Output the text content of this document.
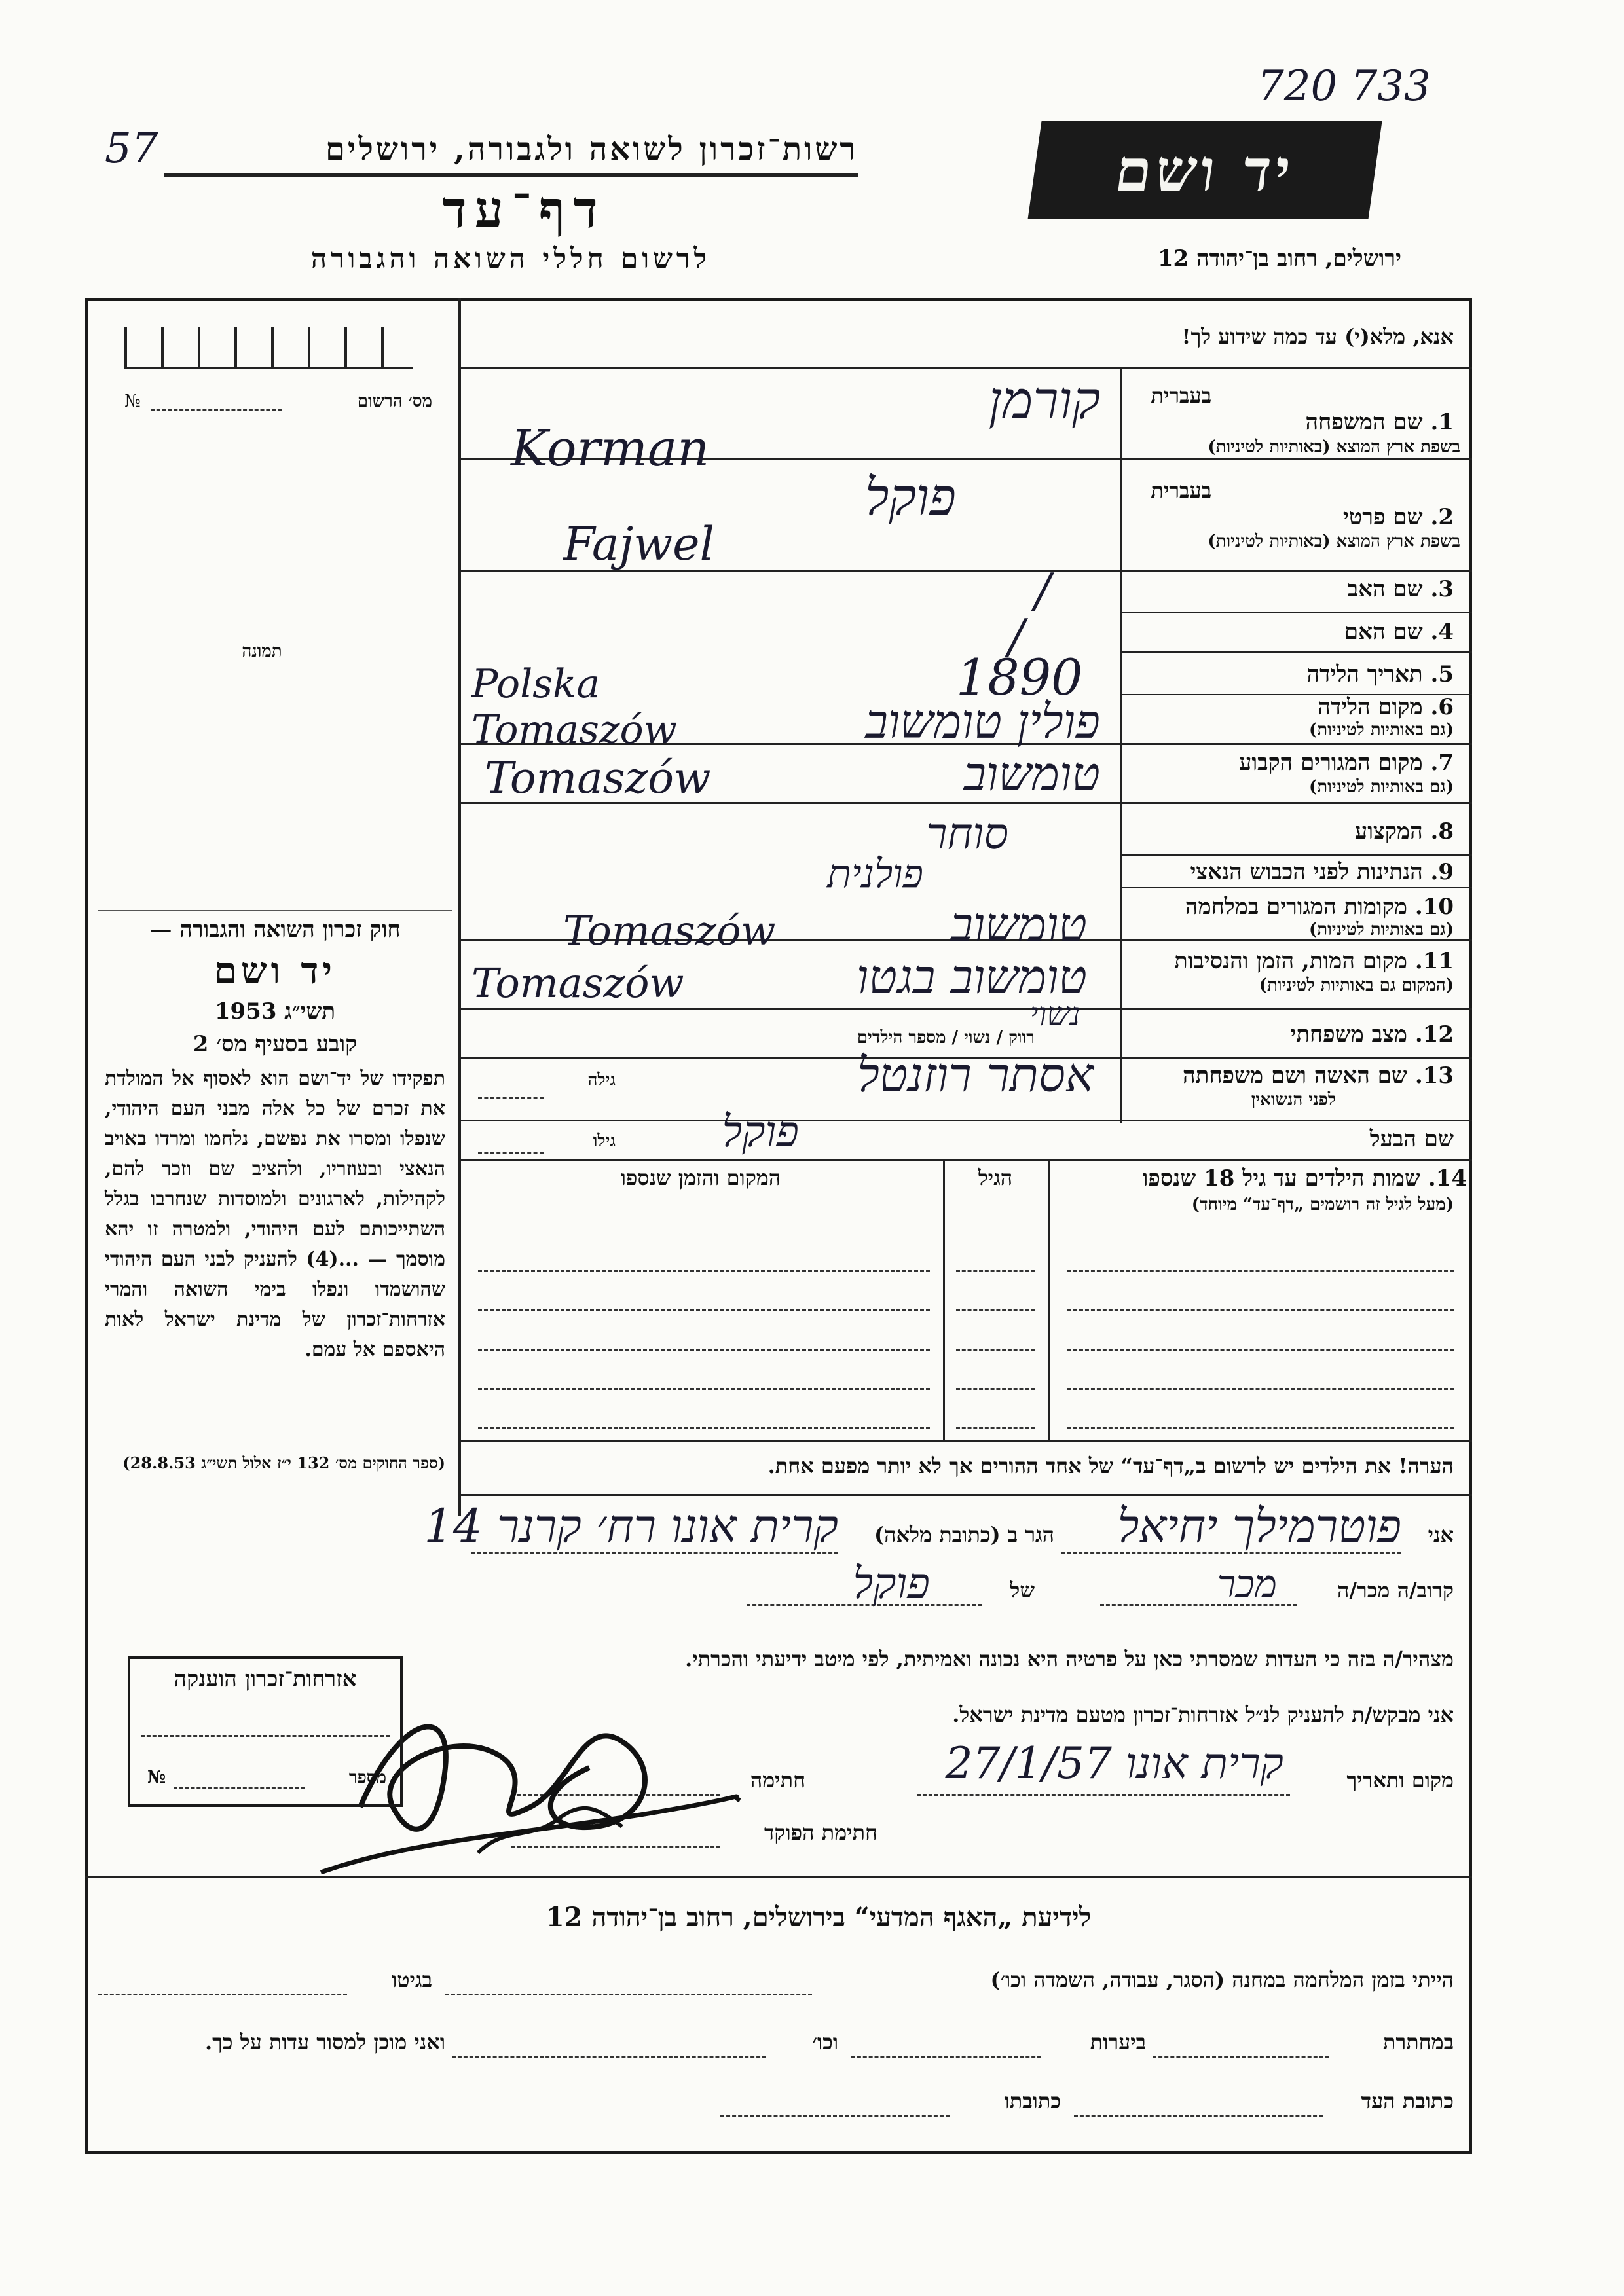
720 733
57	רשות־זכרון לשואה ולגבורה, ירושלים
דף־עד
לרשום חללי השואה והגבורה
יד ושם
ירושלים, רחוב בן־יהודה 12
אנא, מלא(י) עד כמה שידוע לך!
מס׳ הרשום
№
תמונה
בעברית
1. שם המשפחה
בשפת ארץ המוצא (באותיות לטיניות)
קורמן
Korman
בעברית
2. שם פרטי
בשפת ארץ המוצא (באותיות לטיניות)
פוקל
Fajwel
3. שם האב
/
4. שם האם
/
5. תאריך הלידה
1890
6. מקום הלידה
(גם באותיות לטיניות)
פולין טומשוב
Polska Tomaszów
7. מקום המגורים הקבוע
(גם באותיות לטיניות)
טומשוב
Tomaszów
8. המקצוע
סוחר
9. הנתינות לפני הכבוש הנאצי
פולנית
10. מקומות המגורים במלחמה
(גם באותיות לטיניות)
טומשוב
Tomaszów
11. מקום המות, הזמן והנסיבות
(המקום גם באותיות לטיניות)
טומשוב בגטו
Tomaszów
12. מצב משפחתי
רווק / נשוי / מספר הילדים
נשוי
13. שם האשה ושם משפחתה
לפני הנשואין
אסתר רוזנטל
גילה
שם הבעל
פוקל
גילו
14. שמות הילדים עד גיל 18 שנספו
(מעל לגיל זה רושמים „דף־עד“ מיוחד)
הגיל
המקום והזמן שנספו
הערה! את הילדים יש לרשום ב„דף־עד“ של אחד ההורים אך לא יותר מפעם אחת.
חוק זכרון השואה והגבורה —
יד ושם
תשי״ג 1953
קובע בסעיף מס׳ 2
תפקידו של יד־ושם הוא לאסוף אל המולדת את זכרם של כל אלה מבני העם היהודי, שנפלו ומסרו את נפשם, נלחמו ומרדו באויב הנאצי ובעוזריו, ולהציב שם וזכר להם, לקהילות, לארגונים ולמוסדות שנחרבו בגלל השתייכותם לעם היהודי, ולמטרה זו יהא מוסמך — ...(4) להעניק לבני העם היהודי שהושמדו ונפלו בימי השואה והמרי אזרחות־זכרון של מדינת ישראל לאות היאספם אל עמם.
(ספר החוקים מס׳ 132 י״ז אלול תשי״ג 28.8.53)
אני
פוטרמילך יחיאל
הגר ב (כתובת מלאה)
קרית אונו רח׳ קרנר 14
קרוב/ה מכר/ה
מכר
של
פוקל
מצהיר/ה בזה כי העדות שמסרתי כאן על פרטיה היא נכונה ואמיתית, לפי מיטב ידיעתי והכרתי.
אני מבקש/ת להעניק לנ״ל אזרחות־זכרון מטעם מדינת ישראל.
מקום ותאריך
קרית אונו 27/1/57
חתימה
חתימת הפוקד
אזרחות־זכרון הוענקה
מספר
№
לידיעת „האגף המדעי“ בירושלים, רחוב בן־יהודה 12
הייתי בזמן המלחמה במחנה (הסגר, עבודה, השמדה וכו׳)
בגיטו
במחתרת
ביערות
וכו׳
ואני מוכן למסור עדות על כך.
כתובת העד
כתובתו
